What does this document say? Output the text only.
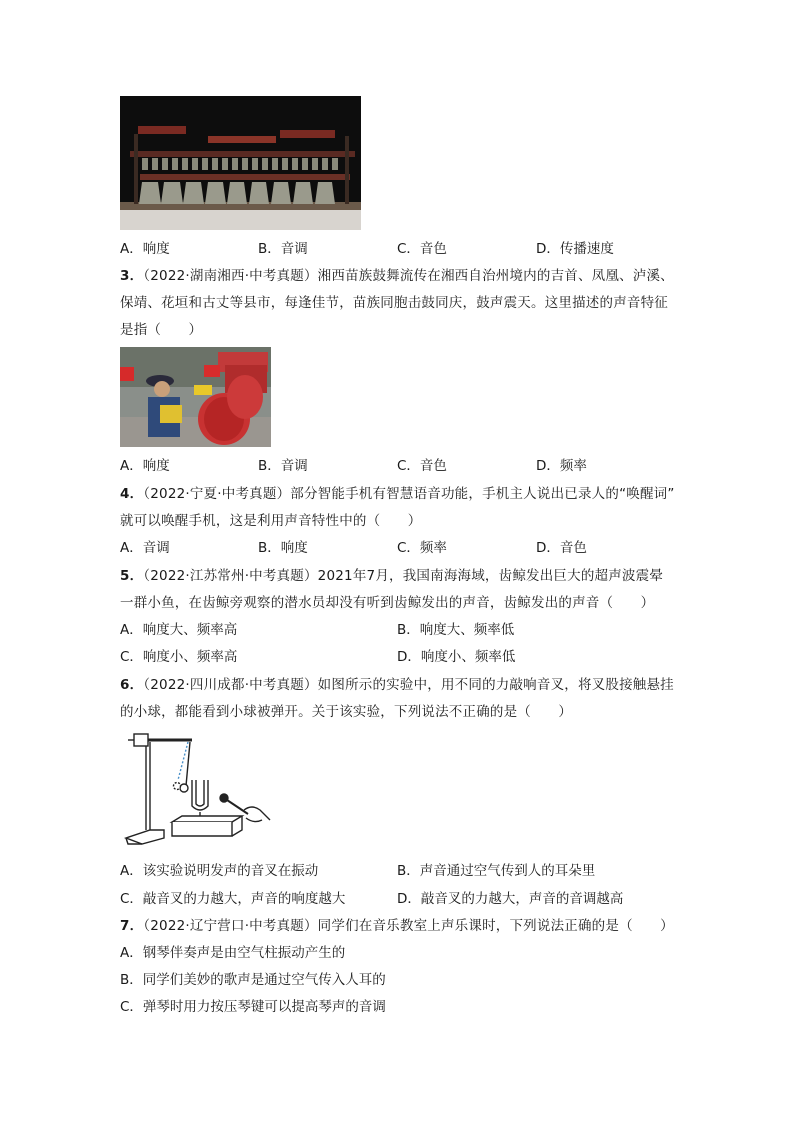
A．响度	B．音调	C．音色	D．传播速度
3．（2022·湖南湘西·中考真题）湘西苗族鼓舞流传在湘西自治州境内的吉首、凤凰、泸溪、
保靖、花垣和古丈等县市，每逢佳节，苗族同胞击鼓同庆，鼓声震天。这里描述的声音特征
是指（　　）
A．响度	B．音调	C．音色	D．频率
4．（2022·宁夏·中考真题）部分智能手机有智慧语音功能，手机主人说出已录人的“唤醒词”
就可以唤醒手机，这是利用声音特性中的（　　）
A．音调	B．响度	C．频率	D．音色
5．（2022·江苏常州·中考真题）2021年7月，我国南海海域，齿鲸发出巨大的超声波震晕
一群小鱼，在齿鲸旁观察的潜水员却没有听到齿鲸发出的声音，齿鲸发出的声音（　　）
A．响度大、频率高	B．响度大、频率低
C．响度小、频率高	D．响度小、频率低
6．（2022·四川成都·中考真题）如图所示的实验中，用不同的力敲响音叉，将叉股接触悬挂
的小球，都能看到小球被弹开。关于该实验，下列说法不正确的是（　　）
A．该实验说明发声的音叉在振动	B．声音通过空气传到人的耳朵里
C．敲音叉的力越大，声音的响度越大	D．敲音叉的力越大，声音的音调越高
7．（2022·辽宁营口·中考真题）同学们在音乐教室上声乐课时，下列说法正确的是（　　）
A．钢琴伴奏声是由空气柱振动产生的
B．同学们美妙的歌声是通过空气传入人耳的
C．弹琴时用力按压琴键可以提高琴声的音调
